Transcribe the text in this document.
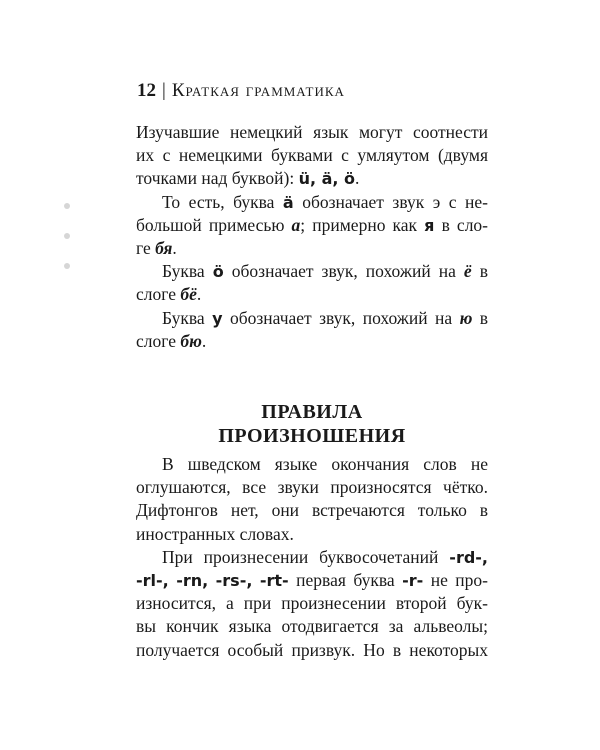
12 | Краткая грамматика
Изучавшие немецкий язык могут соотнести
их с немецкими буквами с умляутом (двумя
точками над буквой): ü, ä, ö.
То есть, буква ä обозначает звук э с не-
большой примесью а; примерно как я в сло-
ге бя.
Буква ö обозначает звук, похожий на ё в
слоге бё.
Буква у обозначает звук, похожий на ю в
слоге бю.
ПРАВИЛА
ПРОИЗНОШЕНИЯ
В шведском языке окончания слов не
оглушаются, все звуки произносятся чётко.
Дифтонгов нет, они встречаются только в
иностранных словах.
При произнесении буквосочетаний -rd-,
-rl-, -rn, -rs-, -rt- первая буква -r- не про-
износится, а при произнесении второй бук-
вы кончик языка отодвигается за альвеолы;
получается особый призвук. Но в некоторых
